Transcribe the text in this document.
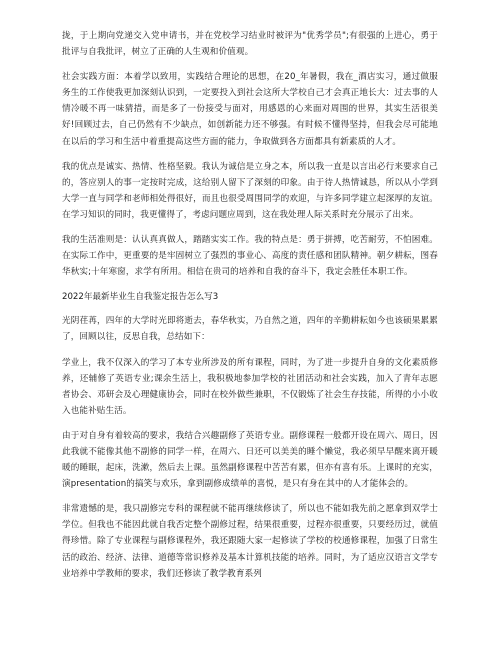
拢，于上期向党递交入党申请书，并在党校学习结业时被评为"优秀学员";有很强的上进心，勇于批评与自我批评，树立了正确的人生观和价值观。

社会实践方面：本着学以致用，实践结合理论的思想，在20_年暑假，我在_酒店实习，通过做服务生的工作使我更加深刻认识到，一定要投入到社会这所大学校自己才会真正地长大：过去事的人情冷暖不再一味猜措，而是多了一份接受与面对，用感恩的心来面对周围的世界，其实生活很美好!回顾过去，自己仍然有不少缺点，如创新能力还不够强。有时候不懂得坚持，但我会尽可能地在以后的学习和生活中着重提高这些方面的能力，争取做到各方面都具有新素质的人才。

我的优点是诚实、热情、性格坚毅。我认为诚信是立身之本，所以我一直是以言出必行来要求自己的，答应别人的事一定按时完成，这给别人留下了深刻的印象。由于待人热情诚恳，所以从小学到大学一直与同学和老师相处得很好，而且也很受周围同学的欢迎，与许多同学建立起深厚的友谊。在学习知识的同时，我更懂得了，考虑问题应周到，这在我处理人际关系时充分展示了出来。

我的生活准则是：认认真真做人，踏踏实实工作。我的特点是：勇于拼搏，吃苦耐劳，不怕困难。在实际工作中，更重要的是牢固树立了强烈的事业心、高度的责任感和团队精神。朝夕耕耘，图春华秋实;十年寒窗，求学有所用。相信在贵司的培养和自我的奋斗下，我定会胜任本职工作。

2022年最新毕业生自我鉴定报告怎么写3

光阴荏苒，四年的大学时光即将逝去，春华秋实，乃自然之道，四年的辛勤耕耘如今也该硕果累累了，回顾以往，反思自我，总结如下：

学业上，我不仅深入的学习了本专业所涉及的所有课程，同时，为了进一步提升自身的文化素质修养，还辅修了英语专业;课余生活上，我积极地参加学校的社团活动和社会实践，加入了青年志愿者协会、邓研会及心理健康协会，同时在校外做些兼职，不仅锻炼了社会生存技能，所得的小小收入也能补贴生活。

由于对自身有着较高的要求，我结合兴趣副修了英语专业。副修课程一般都开设在周六、周日，因此我就不能像其他不副修的同学一样，在周六、日还可以美美的睡个懒觉，我必须早早醒来离开暖暖的睡眠，起床，洗漱，然后去上课。虽然副修课程中苦苦有累，但亦有喜有乐。上课时的充实，演presentation的搞笑与欢乐，拿到副修成绩单的喜悦，是只有身在其中的人才能体会的。

非常遗憾的是，我只副修完专科的课程就不能再继续修读了，所以也不能如我先前之愿拿到双学士学位。但我也不能因此就自我否定整个副修过程，结果很重要，过程亦很重要，只要经历过，就值得珍惜。除了专业课程与副修课程外，我还跟随大家一起修读了学校的校通修课程，加强了日常生活的政治、经济、法律、道德等常识修养及基本计算机技能的培养。同时，为了适应汉语言文学专业培养中学教师的要求，我们还修读了教学教育系列
